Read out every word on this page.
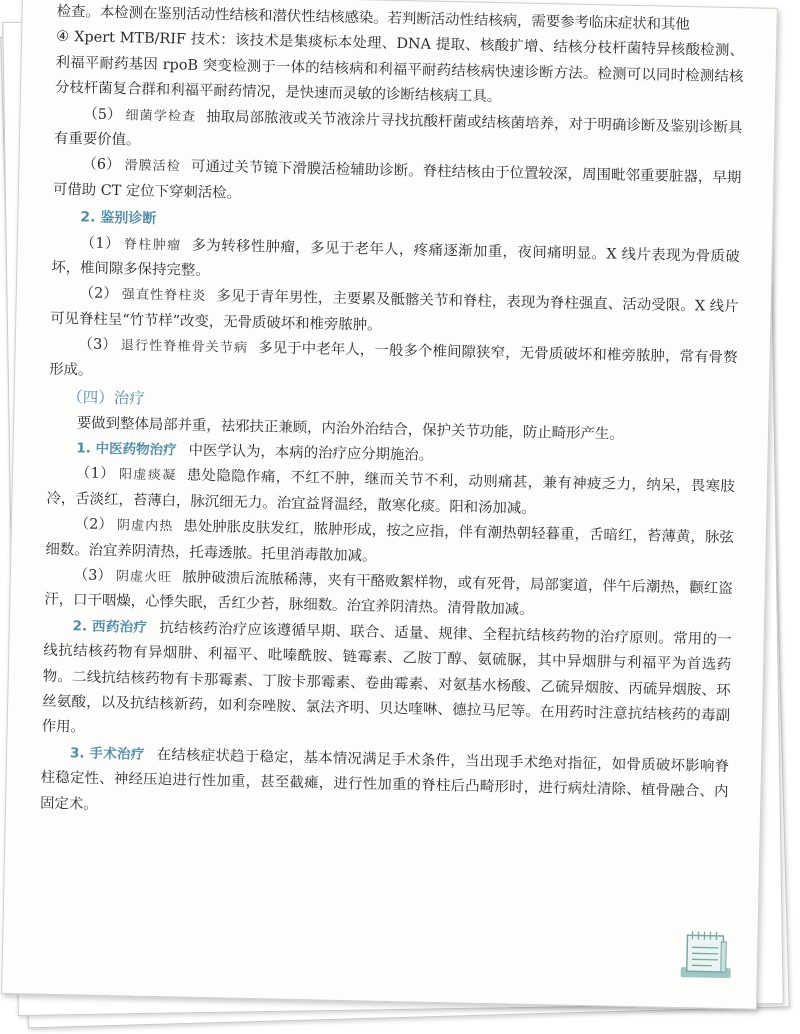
检查。本检测在鉴别活动性结核和潜伏性结核感染。若判断活动性结核病，需要参考临床症状和其他

④ Xpert MTB/RIF 技术：该技术是集痰标本处理、DNA 提取、核酸扩增、结核分枝杆菌特异核酸检测、利福平耐药基因 rpoB 突变检测于一体的结核病和利福平耐药结核病快速诊断方法。检测可以同时检测结核分枝杆菌复合群和利福平耐药情况，是快速而灵敏的诊断结核病工具。

（5） 细菌学检查 抽取局部脓液或关节液涂片寻找抗酸杆菌或结核菌培养，对于明确诊断及鉴别诊断具有重要价值。

（6） 滑膜活检 可通过关节镜下滑膜活检辅助诊断。脊柱结核由于位置较深，周围毗邻重要脏器，早期可借助 CT 定位下穿刺活检。

2. 鉴别诊断

（1） 脊柱肿瘤 多为转移性肿瘤，多见于老年人，疼痛逐渐加重，夜间痛明显。X 线片表现为骨质破坏，椎间隙多保持完整。

（2） 强直性脊柱炎 多见于青年男性，主要累及骶髂关节和脊柱，表现为脊柱强直、活动受限。X 线片可见脊柱呈“竹节样”改变，无骨质破坏和椎旁脓肿。

（3） 退行性脊椎骨关节病 多见于中老年人，一般多个椎间隙狭窄，无骨质破坏和椎旁脓肿，常有骨赘形成。

（四）治疗

要做到整体局部并重，祛邪扶正兼顾，内治外治结合，保护关节功能，防止畸形产生。

1. 中医药物治疗 中医学认为，本病的治疗应分期施治。

（1） 阳虚痰凝 患处隐隐作痛，不红不肿，继而关节不利，动则痛甚，兼有神疲乏力，纳呆，畏寒肢冷，舌淡红，苔薄白，脉沉细无力。治宜益肾温经，散寒化痰。阳和汤加减。

（2） 阴虚内热 患处肿胀皮肤发红，脓肿形成，按之应指，伴有潮热朝轻暮重，舌暗红，苔薄黄，脉弦细数。治宜养阴清热，托毒透脓。托里消毒散加减。

（3） 阴虚火旺 脓肿破溃后流脓稀薄，夹有干酪败絮样物，或有死骨，局部窦道，伴午后潮热，颧红盗汗，口干咽燥，心悸失眠，舌红少苔，脉细数。治宜养阴清热。清骨散加减。

2. 西药治疗 抗结核药治疗应该遵循早期、联合、适量、规律、全程抗结核药物的治疗原则。常用的一线抗结核药物有异烟肼、利福平、吡嗪酰胺、链霉素、乙胺丁醇、氨硫脲，其中异烟肼与利福平为首选药物。二线抗结核药物有卡那霉素、丁胺卡那霉素、卷曲霉素、对氨基水杨酸、乙硫异烟胺、丙硫异烟胺、环丝氨酸，以及抗结核新药，如利奈唑胺、氯法齐明、贝达喹啉、德拉马尼等。在用药时注意抗结核药的毒副作用。

3. 手术治疗 在结核症状趋于稳定，基本情况满足手术条件，当出现手术绝对指征，如骨质破坏影响脊柱稳定性、神经压迫进行性加重，甚至截瘫，进行性加重的脊柱后凸畸形时，进行病灶清除、植骨融合、内固定术。
